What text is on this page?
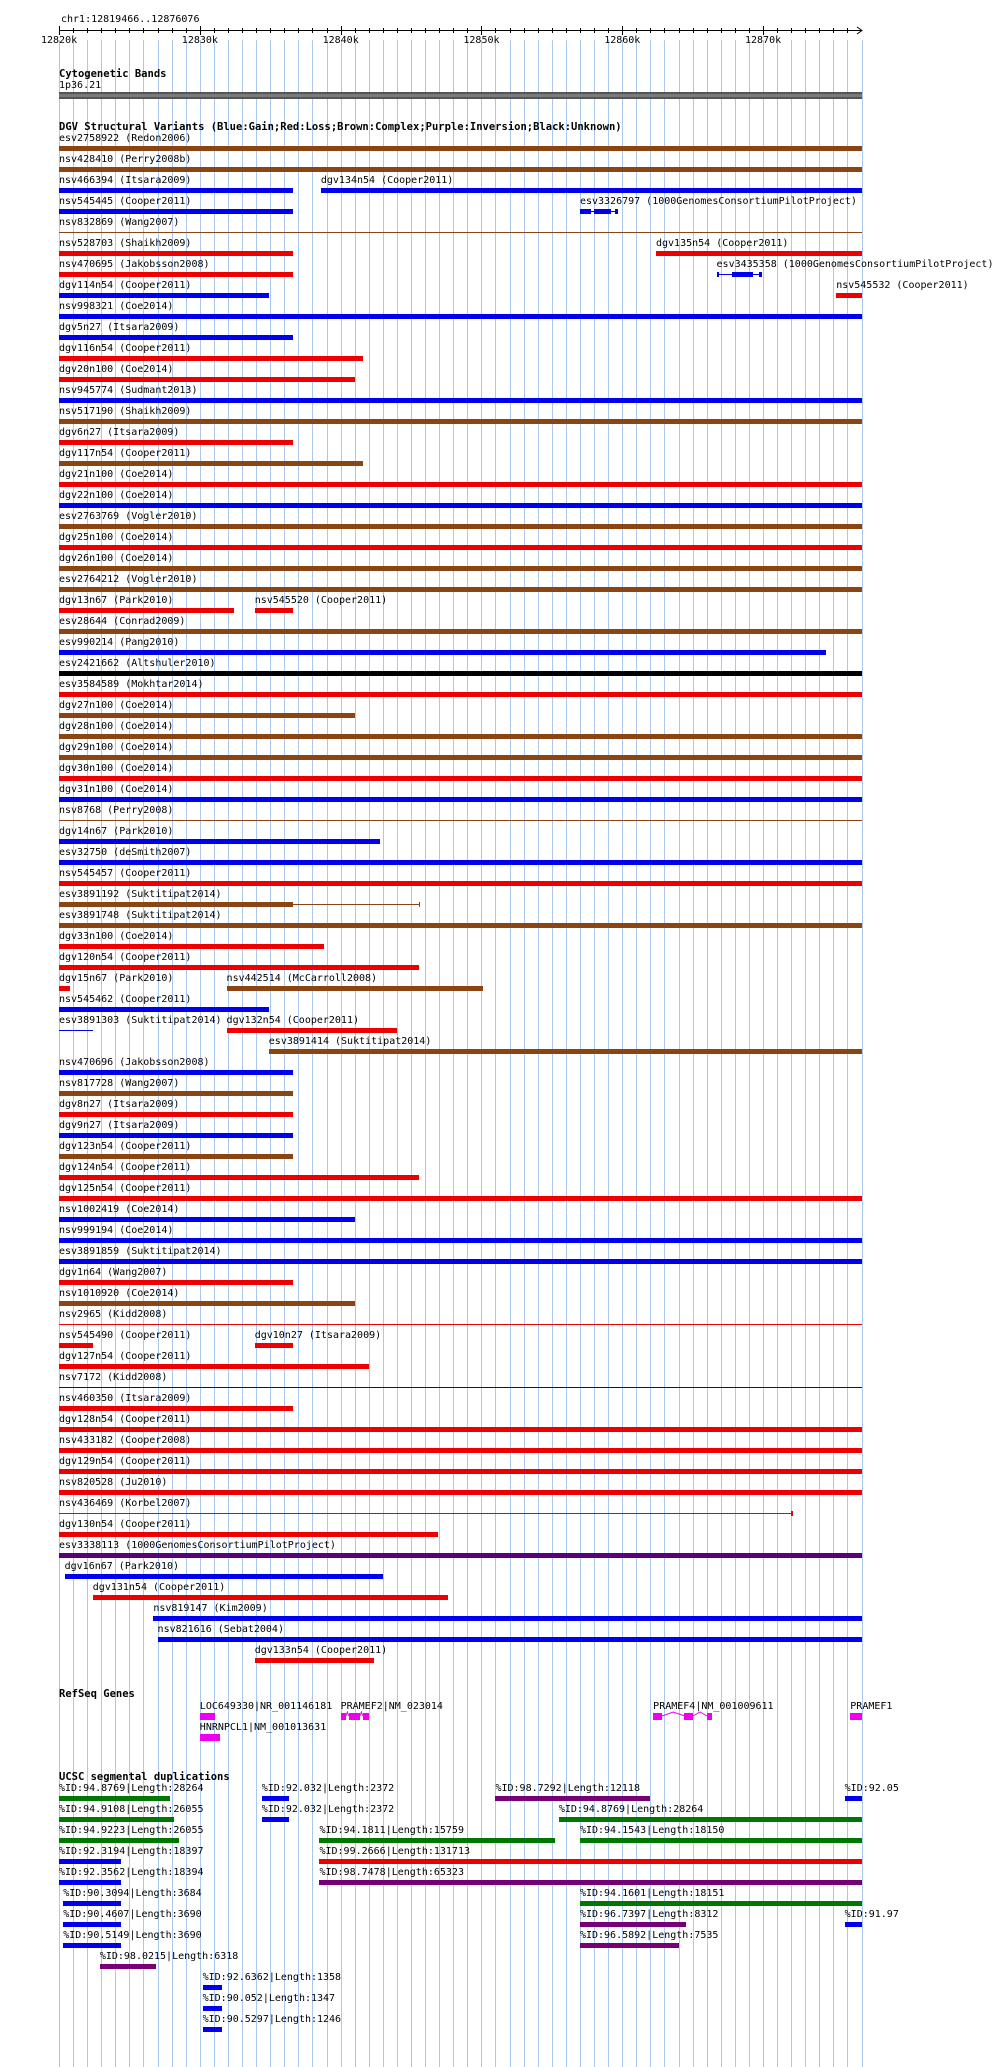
chr1:12819466..12876076
12820k	12830k	12840k	12850k	12860k	12870k
Cytogenetic Bands
1p36.21
DGV Structural Variants (Blue:Gain;Red:Loss;Brown:Complex;Purple:Inversion;Black:Unknown)
esv2758922 (Redon2006)
nsv428410 (Perry2008b)
nsv466394 (Itsara2009)	dgv134n54 (Cooper2011)
nsv545445 (Cooper2011)	esv3326797 (1000GenomesConsortiumPilotProject)
nsv832869 (Wang2007)
nsv528703 (Shaikh2009)	dgv135n54 (Cooper2011)
nsv470695 (Jakobsson2008)	esv3435358 (1000GenomesConsortiumPilotProject)
dgv114n54 (Cooper2011)	nsv545532 (Cooper2011)
nsv998321 (Coe2014)
dgv5n27 (Itsara2009)
dgv116n54 (Cooper2011)
dgv20n100 (Coe2014)
nsv945774 (Sudmant2013)
nsv517190 (Shaikh2009)
dgv6n27 (Itsara2009)
dgv117n54 (Cooper2011)
dgv21n100 (Coe2014)
dgv22n100 (Coe2014)
esv2763769 (Vogler2010)
dgv25n100 (Coe2014)
dgv26n100 (Coe2014)
esv2764212 (Vogler2010)
dgv13n67 (Park2010)	nsv545520 (Cooper2011)
esv28644 (Conrad2009)
esv990214 (Pang2010)
esv2421662 (Altshuler2010)
esv3584589 (Mokhtar2014)
dgv27n100 (Coe2014)
dgv28n100 (Coe2014)
dgv29n100 (Coe2014)
dgv30n100 (Coe2014)
dgv31n100 (Coe2014)
nsv8768 (Perry2008)
dgv14n67 (Park2010)
esv32750 (deSmith2007)
nsv545457 (Cooper2011)
esv3891192 (Suktitipat2014)
esv3891748 (Suktitipat2014)
dgv33n100 (Coe2014)
dgv120n54 (Cooper2011)
dgv15n67 (Park2010)	nsv442514 (McCarroll2008)
nsv545462 (Cooper2011)
esv3891303 (Suktitipat2014) dgv132n54 (Cooper2011)
esv3891414 (Suktitipat2014)
nsv470696 (Jakobsson2008)
nsv817728 (Wang2007)
dgv8n27 (Itsara2009)
dgv9n27 (Itsara2009)
dgv123n54 (Cooper2011)
dgv124n54 (Cooper2011)
dgv125n54 (Cooper2011)
nsv1002419 (Coe2014)
nsv999194 (Coe2014)
esv3891859 (Suktitipat2014)
dgv1n64 (Wang2007)
nsv1010920 (Coe2014)
nsv2965 (Kidd2008)
nsv545490 (Cooper2011)	dgv10n27 (Itsara2009)
dgv127n54 (Cooper2011)
nsv7172 (Kidd2008)
nsv460350 (Itsara2009)
dgv128n54 (Cooper2011)
nsv433182 (Cooper2008)
dgv129n54 (Cooper2011)
nsv820528 (Ju2010)
nsv436469 (Korbel2007)
dgv130n54 (Cooper2011)
esv3338113 (1000GenomesConsortiumPilotProject)
dgv16n67 (Park2010)
dgv131n54 (Cooper2011)
nsv819147 (Kim2009)
nsv821616 (Sebat2004)
dgv133n54 (Cooper2011)
RefSeq Genes
LOC649330|NR_001146181 PRAMEF2|NM_023014
HNRNPCL1|NM_001013631
PRAMEF4|NM_001009611	PRAMEF1
UCSC segmental duplications
%ID:94.8769|Length:28264	%ID:92.032|Length:2372	%ID:98.7292|Length:12118	%ID:92.05
%ID:94.9108|Length:26055	%ID:92.032|Length:2372	%ID:94.8769|Length:28264
%ID:94.9223|Length:26055	%ID:94.1811|Length:15759	%ID:94.1543|Length:18150
%ID:92.3194|Length:18397	%ID:99.2666|Length:131713
%ID:92.3562|Length:18394	%ID:98.7478|Length:65323
%ID:90.3094|Length:3684	%ID:94.1601|Length:18151
%ID:90.4607|Length:3690	%ID:96.7397|Length:8312	%ID:91.97
%ID:90.5149|Length:3690	%ID:96.5892|Length:7535
%ID:98.0215|Length:6318
%ID:92.6362|Length:1358
%ID:90.052|Length:1347
%ID:90.5297|Length:1246
